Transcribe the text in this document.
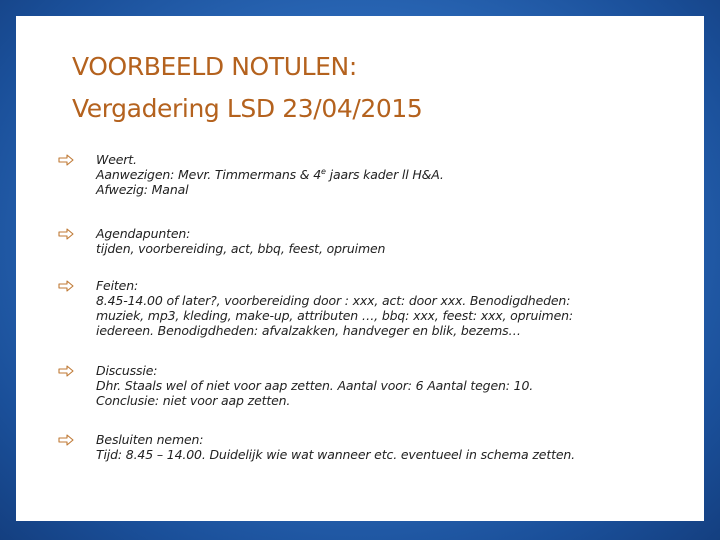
VOORBEELD NOTULEN:
Vergadering LSD 23/04/2015
Weert.
Aanwezigen: Mevr. Timmermans & 4e jaars kader ll H&A.
Afwezig: Manal
Agendapunten:
tijden, voorbereiding, act, bbq, feest, opruimen
Feiten:
8.45-14.00 of later?, voorbereiding door : xxx, act: door xxx. Benodigdheden:
muziek, mp3, kleding, make-up, attributen …, bbq: xxx, feest: xxx, opruimen:
iedereen. Benodigdheden: afvalzakken, handveger en blik, bezems…
Discussie:
Dhr. Staals wel of niet voor aap zetten. Aantal voor: 6 Aantal tegen: 10.
Conclusie: niet voor aap zetten.
Besluiten nemen:
Tijd: 8.45 – 14.00. Duidelijk wie wat wanneer etc. eventueel in schema zetten.
